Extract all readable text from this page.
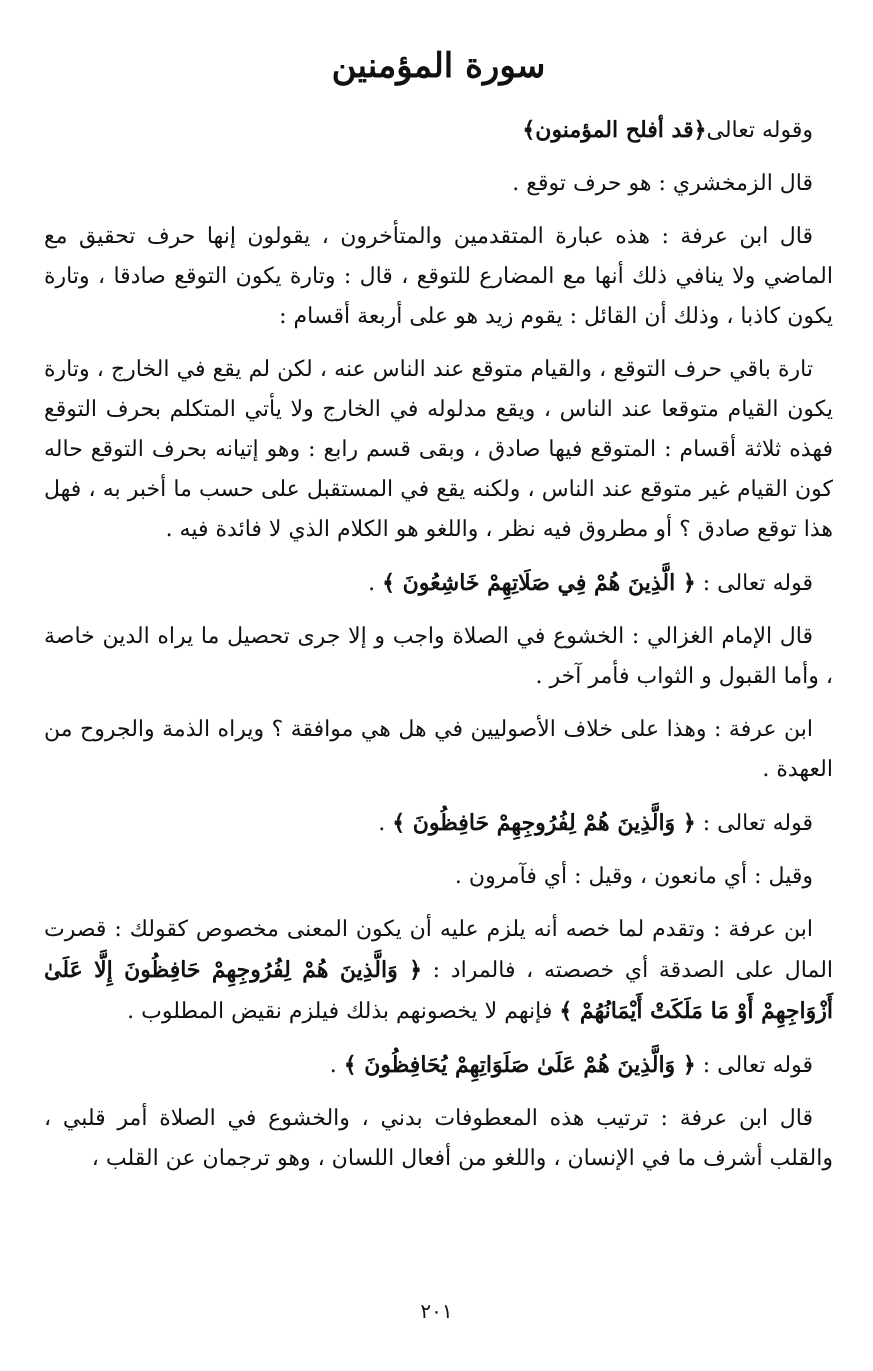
سورة المؤمنين

وقوله تعالى﴿قد أفلح المؤمنون﴾

قال الزمخشري : هو حرف توقع .

قال ابن عرفة : هذه عبارة المتقدمين والمتأخرون ، يقولون إنها حرف تحقيق مع الماضي ولا ينافي ذلك أنها مع المضارع للتوقع ، قال : وتارة يكون التوقع صادقا ، وتارة يكون كاذبا ، وذلك أن القائل : يقوم زيد هو على أربعة أقسام :

تارة باقي حرف التوقع ، والقيام متوقع عند الناس عنه ، لكن لم يقع في الخارج ، وتارة يكون القيام متوقعا عند الناس ، ويقع مدلوله في الخارج ولا يأتي المتكلم بحرف التوقع فهذه ثلاثة أقسام : المتوقع فيها صادق ، وبقى قسم رابع : وهو إتيانه بحرف التوقع حاله كون القيام غير متوقع عند الناس ، ولكنه يقع في المستقبل على حسب ما أخبر به ، فهل هذا توقع صادق ؟ أو مطروق فيه نظر ، واللغو هو الكلام الذي لا فائدة فيه .

قوله تعالى : ﴿ الَّذِينَ هُمْ فِي صَلَاتِهِمْ خَاشِعُونَ ﴾ .

قال الإمام الغزالي : الخشوع في الصلاة واجب و إلا جرى تحصيل ما يراه الدين خاصة ، وأما القبول و الثواب فأمر آخر .

ابن عرفة : وهذا على خلاف الأصوليين في هل هي موافقة ؟ ويراه الذمة والجروح من العهدة .

قوله تعالى : ﴿ وَالَّذِينَ هُمْ لِفُرُوجِهِمْ حَافِظُونَ ﴾ .

وقيل : أي مانعون ، وقيل : أي فآمرون .

ابن عرفة : وتقدم لما خصه أنه يلزم عليه أن يكون المعنى مخصوص كقولك : قصرت المال على الصدقة أي خصصته ، فالمراد : ﴿ وَالَّذِينَ هُمْ لِفُرُوجِهِمْ حَافِظُونَ إِلَّا عَلَىٰ أَزْوَاجِهِمْ أَوْ مَا مَلَكَتْ أَيْمَانُهُمْ ﴾ فإنهم لا يخصونهم بذلك فيلزم نقيض المطلوب .

قوله تعالى : ﴿ وَالَّذِينَ هُمْ عَلَىٰ صَلَوَاتِهِمْ يُحَافِظُونَ ﴾ .

قال ابن عرفة : ترتيب هذه المعطوفات بدني ، والخشوع في الصلاة أمر قلبي ، والقلب أشرف ما في الإنسان ، واللغو من أفعال اللسان ، وهو ترجمان عن القلب ،

٢٠١
